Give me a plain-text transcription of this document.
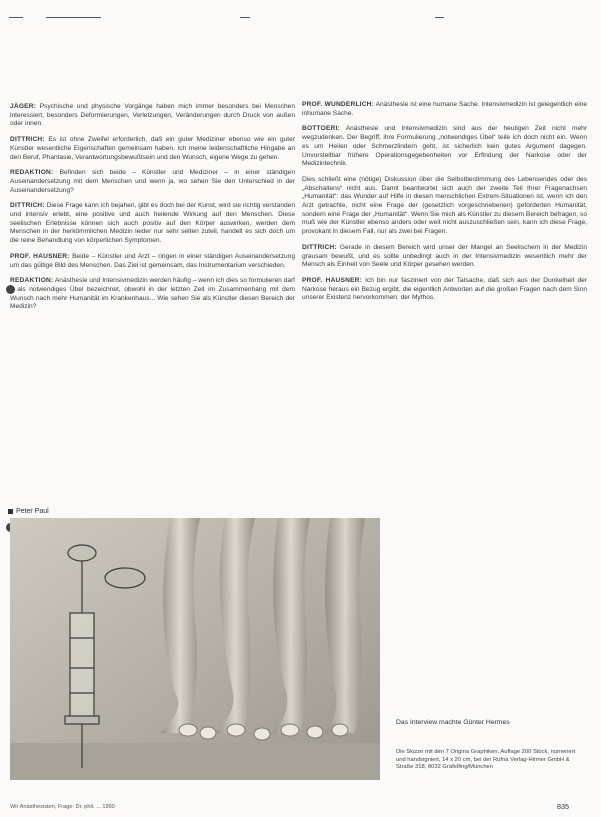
JÄGER: Psychische und physische Vorgänge haben mich immer besonders bei Menschen interessiert, besonders Deformierungen, Verletzungen, Veränderungen durch Druck von außen oder innen.

DITTRICH: Es ist ohne Zweifel erforderlich, daß ein guter Mediziner ebenso wie ein guter Künstler wesentliche Eigenschaften gemeinsam haben. Ich meine leidenschaftliche Hingabe an den Beruf, Phantasie, Verantwortungsbewußtsein und den Wunsch, eigene Wege zu gehen.

REDAKTION: Befinden sich beide – Künstler und Mediziner – in einer ständigen Auseinandersetzung mit dem Menschen und wenn ja, wo sehen Sie den Unterschied in der Auseinandersetzung?

DITTRICH: Diese Frage kann ich bejahen, gibt es doch bei der Kunst, wird sie richtig verstanden und intensiv erlebt, eine positive und auch heilende Wirkung auf den Menschen. Diese seelischen Erlebnisse können sich auch positiv auf den Körper auswirken, werden dem Menschen in der herkömmlichen Medizin leider nur sehr selten zuteil, handelt es sich doch um die reine Behandlung von körperlichen Symptomen.

PROF. HAUSNER: Beide – Künstler und Arzt – ringen in einer ständigen Auseinandersetzung um das gültige Bild des Menschen. Das Ziel ist gemeinsam, das Instrumentarium verschieden.

REDAKTION: Anästhesie und Intensivmedizin werden häufig – wenn ich dies so formulieren darf – als notwendiges Übel bezeichnet, obwohl in der letzten Zeit im Zusammenhang mit dem Wunsch nach mehr Humanität im Krankenhaus... Wie sehen Sie als Künstler diesen Bereich der Medizin?

PROF. WUNDERLICH: Anästhesie ist eine humane Sache. Intensivmedizin ist gelegentlich eine inhumane Sache.

BOTTOERI: Anästhesie und Intensivmedizin sind aus der heutigen Zeit nicht mehr wegzudenken. Der Begriff, ihre Formulierung „notwendiges Übel“ teile ich doch nicht ein. Wenn es um Heilen oder Schmerzlindern geht, ist sicherlich kein gutes Argument dagegen. Unvorstellbar frühere Operationsgegebenheiten vor Erfindung der Narkose oder der Medizintechnik.

Dies schließt eine (nötige) Diskussion über die Selbstbestimmung des Lebensendes oder des „Abschaltens“ nicht aus. Damit beantwortet sich auch der zweite Teil Ihrer Fragenachsen „Humanität“: das Wunder auf Hilfe in diesen menschlichen Extrem-Situationen ist, wenn ich den Arzt getrachte, nicht eine Frage der (gesetzlich vorgeschriebenen) geforderten Humanität, sondern eine Frage der „Humanität“. Wenn Sie mich als Künstler zu diesem Bereich befragen, so muß wie der Künstler ebenso anders oder weit nicht auszuschließen sein, kann ich diese Frage, provokant in diesem Fall, nur als zwei bei Fragen.

DITTRICH: Gerade in diesem Bereich wird unser der Mangel an Seelischem in der Medizin grausam bewußt, und es sollte unbedingt auch in der Intensivmedizin wesentlich mehr der Mensch als Einheit von Seele und Körper gesehen werden.

PROF. HAUSNER: Ich bin nur fasziniert von der Tatsache, daß sich aus der Dunkelheit der Narkose heraus ein Bezug ergibt, die eigentlich Antworten auf die großen Fragen nach dem Sinn unserer Existenz hervorkommen: der Mythos.

Peter Paul
Das Interview machte Günter Hermes
Die Skizze mit den 7 Origina Graphiken, Auflage 200 Stück, numeriert und handsigniert, 14 x 20 cm, bei der Rufna Verlag-Hirmer GmbH & Straße 318, 8032 Gräfelfing/München
Wir Anästhesisten, Frage: Dr. phil. ... 1990	835
